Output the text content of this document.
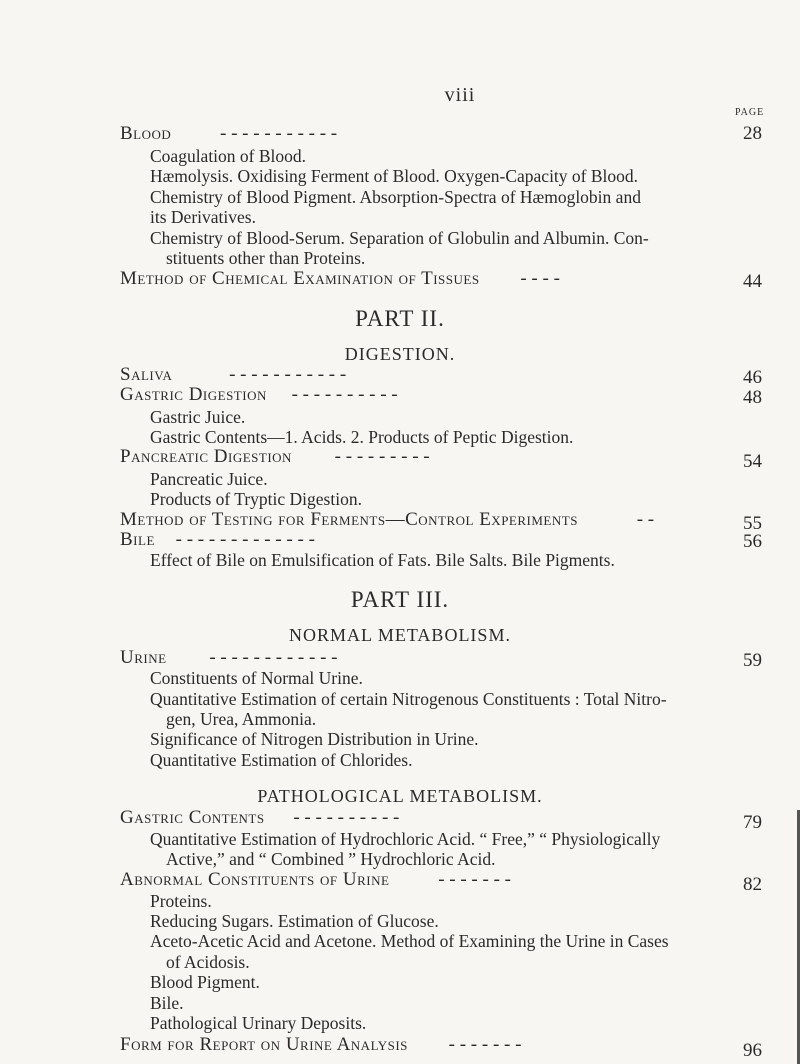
viii
PAGE
Blood	- - - - - - - - - - -	28
Coagulation of Blood.
Hæmolysis. Oxidising Ferment of Blood. Oxygen-Capacity of Blood.
Chemistry of Blood Pigment. Absorption-Spectra of Hæmoglobin and
its Derivatives.
Chemistry of Blood-Serum. Separation of Globulin and Albumin. Con-
stituents other than Proteins.
Method of Chemical Examination of Tissues - - - -	44
PART II.
DIGESTION.
Saliva	- - - - - - - - - - -	46
Gastric Digestion - - - - - - - - - -	48
Gastric Juice.
Gastric Contents—1. Acids. 2. Products of Peptic Digestion.
Pancreatic Digestion - - - - - - - - -	54
Pancreatic Juice.
Products of Tryptic Digestion.
Method of Testing for Ferments—Control Experiments	- -	55
Bile - - - - - - - - - - - - -	56
Effect of Bile on Emulsification of Fats. Bile Salts. Bile Pigments.
PART III.
NORMAL METABOLISM.
Urine - - - - - - - - - - - -	59
Constituents of Normal Urine.
Quantitative Estimation of certain Nitrogenous Constituents : Total Nitro-
gen, Urea, Ammonia.
Significance of Nitrogen Distribution in Urine.
Quantitative Estimation of Chlorides.
PATHOLOGICAL METABOLISM.
Gastric Contents - - - - - - - - - -	79
Quantitative Estimation of Hydrochloric Acid. “ Free,” “ Physiologically
Active,” and “ Combined ” Hydrochloric Acid.
Abnormal Constituents of Urine	- - - - - - -	82
Proteins.
Reducing Sugars. Estimation of Glucose.
Aceto-Acetic Acid and Acetone. Method of Examining the Urine in Cases
of Acidosis.
Blood Pigment.
Bile.
Pathological Urinary Deposits.
Form for Report on Urine Analysis - - - - - - -	96
